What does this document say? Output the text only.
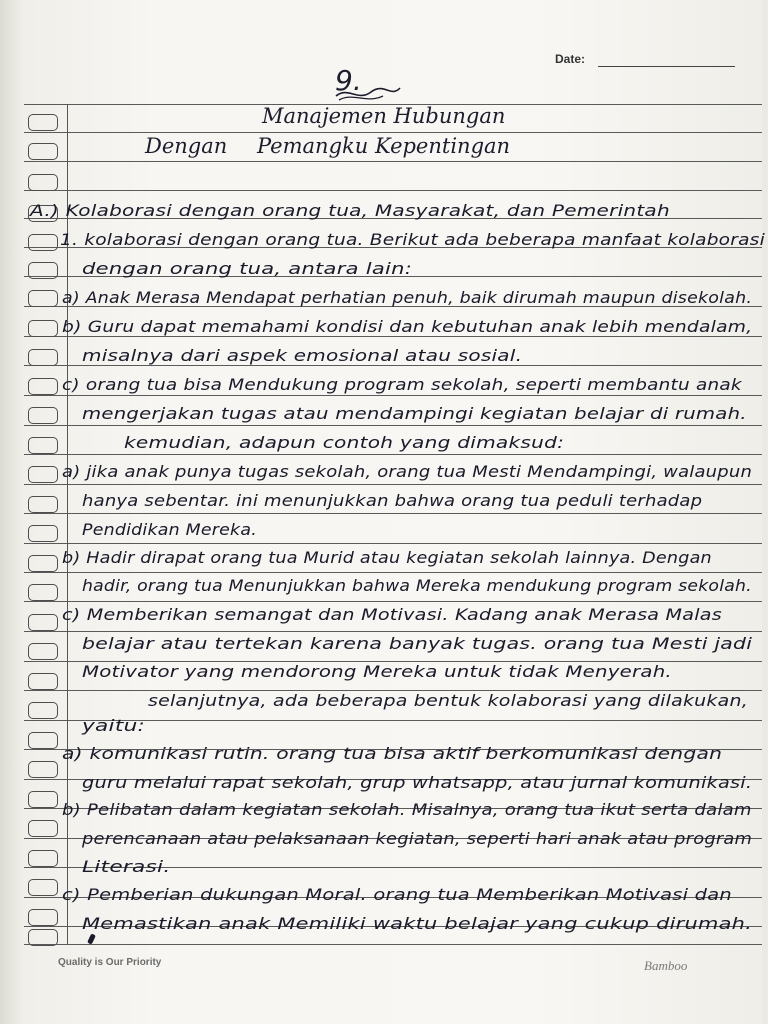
Date:
9.
Manajemen Hubungan
Dengan Pemangku Kepentingan
A.) Kolaborasi dengan orang tua, Masyarakat, dan Pemerintah
1. kolaborasi dengan orang tua. Berikut ada beberapa manfaat kolaborasi
dengan orang tua, antara lain:
a) Anak Merasa Mendapat perhatian penuh, baik dirumah maupun disekolah.
b) Guru dapat memahami kondisi dan kebutuhan anak lebih mendalam,
misalnya dari aspek emosional atau sosial.
c) orang tua bisa Mendukung program sekolah, seperti membantu anak
mengerjakan tugas atau mendampingi kegiatan belajar di rumah.
kemudian, adapun contoh yang dimaksud:
a) jika anak punya tugas sekolah, orang tua Mesti Mendampingi, walaupun
hanya sebentar. ini menunjukkan bahwa orang tua peduli terhadap
Pendidikan Mereka.
b) Hadir dirapat orang tua Murid atau kegiatan sekolah lainnya. Dengan
hadir, orang tua Menunjukkan bahwa Mereka mendukung program sekolah.
c) Memberikan semangat dan Motivasi. Kadang anak Merasa Malas
belajar atau tertekan karena banyak tugas. orang tua Mesti jadi
Motivator yang mendorong Mereka untuk tidak Menyerah.
selanjutnya, ada beberapa bentuk kolaborasi yang dilakukan,
yaitu:
a) komunikasi rutin. orang tua bisa aktif berkomunikasi dengan
guru melalui rapat sekolah, grup whatsapp, atau jurnal komunikasi.
b) Pelibatan dalam kegiatan sekolah. Misalnya, orang tua ikut serta dalam
perencanaan atau pelaksanaan kegiatan, seperti hari anak atau program
Literasi.
c) Pemberian dukungan Moral. orang tua Memberikan Motivasi dan
Memastikan anak Memiliki waktu belajar yang cukup dirumah.
Quality is Our Priority	Bamboo
